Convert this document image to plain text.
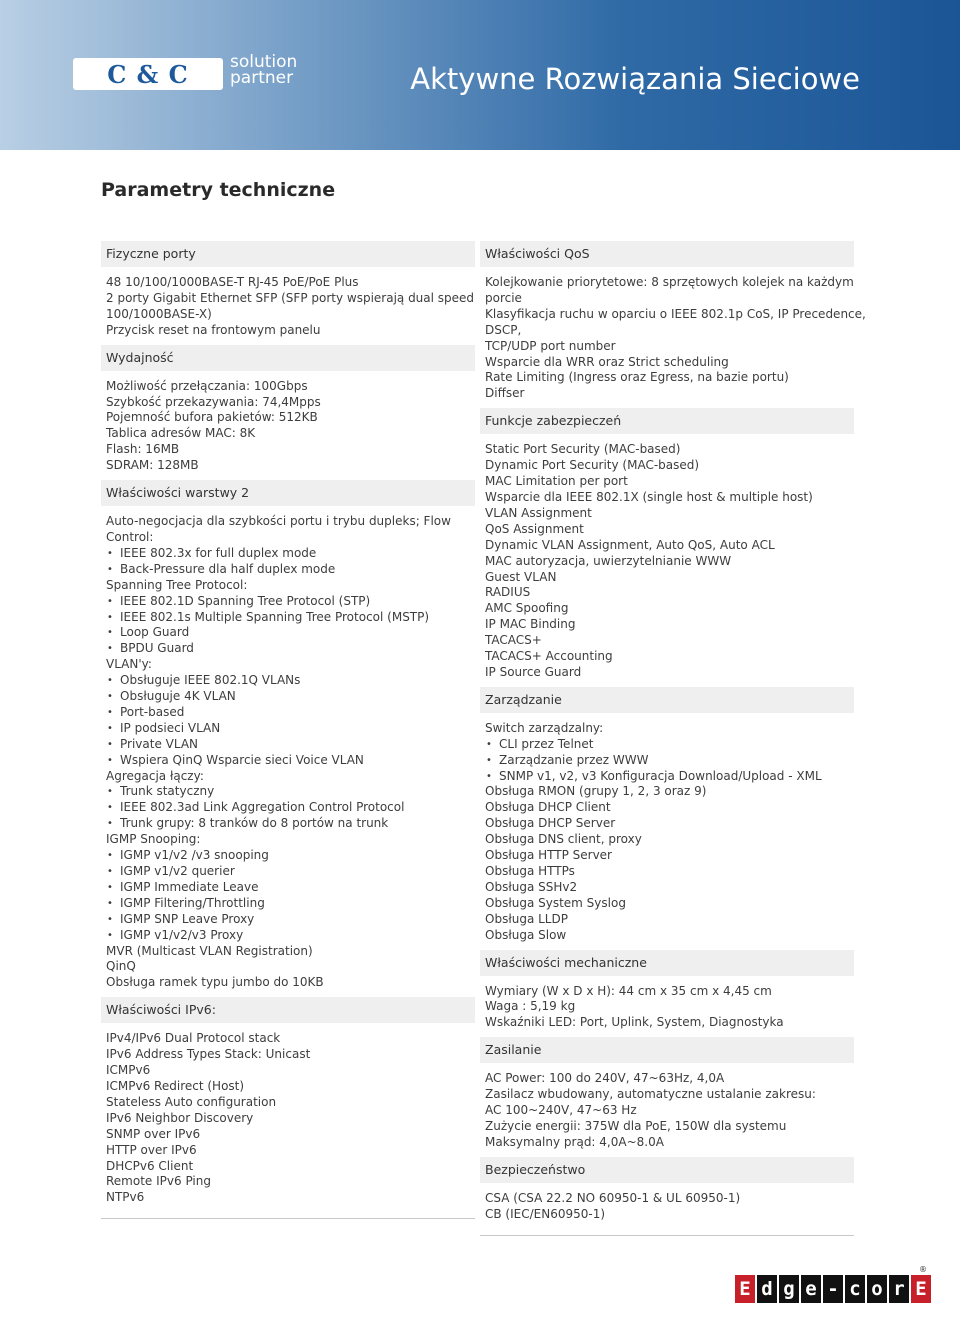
C & C solution
partner	Aktywne Rozwiązania Sieciowe
Parametry techniczne
Fizyczne porty
48 10/100/1000BASE-T RJ-45 PoE/PoE Plus
2 porty Gigabit Ethernet SFP (SFP porty wspierają dual speed
100/1000BASE-X)
Przycisk reset na frontowym panelu
Wydajność
Możliwość przełączania: 100Gbps
Szybkość przekazywania: 74,4Mpps
Pojemność bufora pakietów: 512KB
Tablica adresów MAC: 8K
Flash: 16MB
SDRAM: 128MB
Właściwości warstwy 2
Auto-negocjacja dla szybkości portu i trybu dupleks; Flow
Control:
• IEEE 802.3x for full duplex mode
• Back-Pressure dla half duplex mode
Spanning Tree Protocol:
• IEEE 802.1D Spanning Tree Protocol (STP)
• IEEE 802.1s Multiple Spanning Tree Protocol (MSTP)
• Loop Guard
• BPDU Guard
VLAN'y:
• Obsługuje IEEE 802.1Q VLANs
• Obsługuje 4K VLAN
• Port-based
• IP podsieci VLAN
• Private VLAN
• Wspiera QinQ Wsparcie sieci Voice VLAN
Agregacja łączy:
• Trunk statyczny
• IEEE 802.3ad Link Aggregation Control Protocol
• Trunk grupy: 8 tranków do 8 portów na trunk
IGMP Snooping:
• IGMP v1/v2 /v3 snooping
• IGMP v1/v2 querier
• IGMP Immediate Leave
• IGMP Filtering/Throttling
• IGMP SNP Leave Proxy
• IGMP v1/v2/v3 Proxy
MVR (Multicast VLAN Registration)
QinQ
Obsługa ramek typu jumbo do 10KB
Właściwości IPv6:
IPv4/IPv6 Dual Protocol stack
IPv6 Address Types Stack: Unicast
ICMPv6
ICMPv6 Redirect (Host)
Stateless Auto configuration
IPv6 Neighbor Discovery
SNMP over IPv6
HTTP over IPv6
DHCPv6 Client
Remote IPv6 Ping
NTPv6
Właściwości QoS
Kolejkowanie priorytetowe: 8 sprzętowych kolejek na każdym
porcie
Klasyfikacja ruchu w oparciu o IEEE 802.1p CoS, IP Precedence,
DSCP,
TCP/UDP port number
Wsparcie dla WRR oraz Strict scheduling
Rate Limiting (Ingress oraz Egress, na bazie portu)
Diffser
Funkcje zabezpieczeń
Static Port Security (MAC-based)
Dynamic Port Security (MAC-based)
MAC Limitation per port
Wsparcie dla IEEE 802.1X (single host & multiple host)
VLAN Assignment
QoS Assignment
Dynamic VLAN Assignment, Auto QoS, Auto ACL
MAC autoryzacja, uwierzytelnianie WWW
Guest VLAN
RADIUS
AMC Spoofing
IP MAC Binding
TACACS+
TACACS+ Accounting
IP Source Guard
Zarządzanie
Switch zarządzalny:
• CLI przez Telnet
• Zarządzanie przez WWW
• SNMP v1, v2, v3 Konfiguracja Download/Upload - XML
Obsługa RMON (grupy 1, 2, 3 oraz 9)
Obsługa DHCP Client
Obsługa DHCP Server
Obsługa DNS client, proxy
Obsługa HTTP Server
Obsługa HTTPs
Obsługa SSHv2
Obsługa System Syslog
Obsługa LLDP
Obsługa Slow
Właściwości mechaniczne
Wymiary (W x D x H): 44 cm x 35 cm x 4,45 cm
Waga : 5,19 kg
Wskaźniki LED: Port, Uplink, System, Diagnostyka
Zasilanie
AC Power: 100 do 240V, 47~63Hz, 4,0A
Zasilacz wbudowany, automatyczne ustalanie zakresu:
AC 100~240V, 47~63 Hz
Zużycie energii: 375W dla PoE, 150W dla systemu
Maksymalny prąd: 4,0A~8.0A
Bezpieczeństwo
CSA (CSA 22.2 NO 60950-1 & UL 60950-1)
CB (IEC/EN60950-1)
E d g e - c o r E
®
